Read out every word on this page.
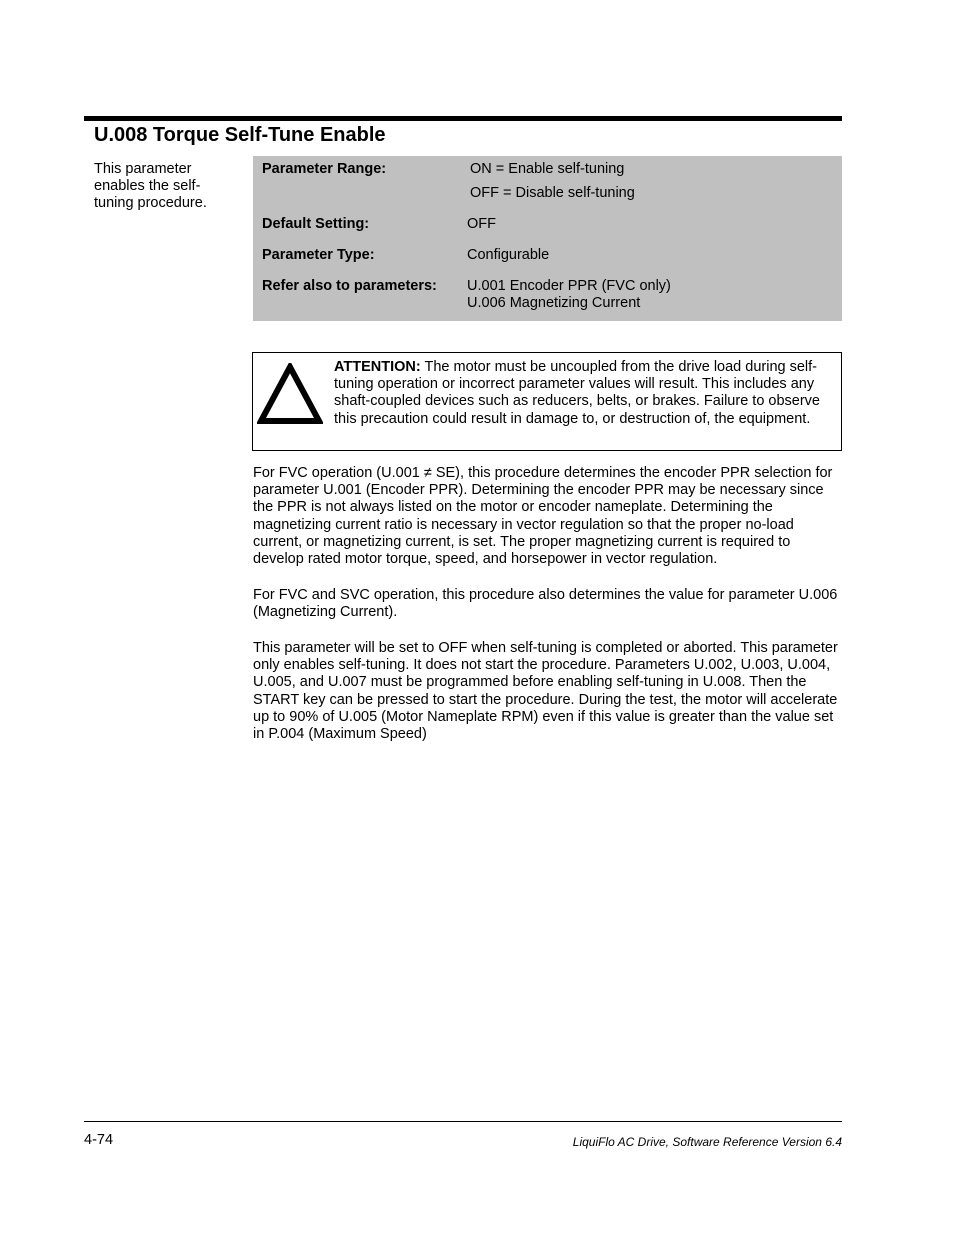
U.008 Torque Self-Tune Enable
This parameter enables the self-tuning procedure.
Parameter Range:	ON = Enable self-tuning
OFF = Disable self-tuning
Default Setting:	OFF
Parameter Type:	Configurable
Refer also to parameters: U.001 Encoder PPR (FVC only)
U.006 Magnetizing Current
ATTENTION: The motor must be uncoupled from the drive load during self-tuning operation or incorrect parameter values will result. This includes any shaft-coupled devices such as reducers, belts, or brakes. Failure to observe this precaution could result in damage to, or destruction of, the equipment.

For FVC operation (U.001 ≠ SE), this procedure determines the encoder PPR selection for parameter U.001 (Encoder PPR). Determining the encoder PPR may be necessary since the PPR is not always listed on the motor or encoder nameplate. Determining the magnetizing current ratio is necessary in vector regulation so that the proper no-load current, or magnetizing current, is set. The proper magnetizing current is required to develop rated motor torque, speed, and horsepower in vector regulation.

For FVC and SVC operation, this procedure also determines the value for parameter U.006 (Magnetizing Current).

This parameter will be set to OFF when self-tuning is completed or aborted. This parameter only enables self-tuning. It does not start the procedure. Parameters U.002, U.003, U.004, U.005, and U.007 must be programmed before enabling self-tuning in U.008. Then the START key can be pressed to start the procedure. During the test, the motor will accelerate up to 90% of U.005 (Motor Nameplate RPM) even if this value is greater than the value set in P.004 (Maximum Speed)

4-74	LiquiFlo AC Drive, Software Reference Version 6.4
